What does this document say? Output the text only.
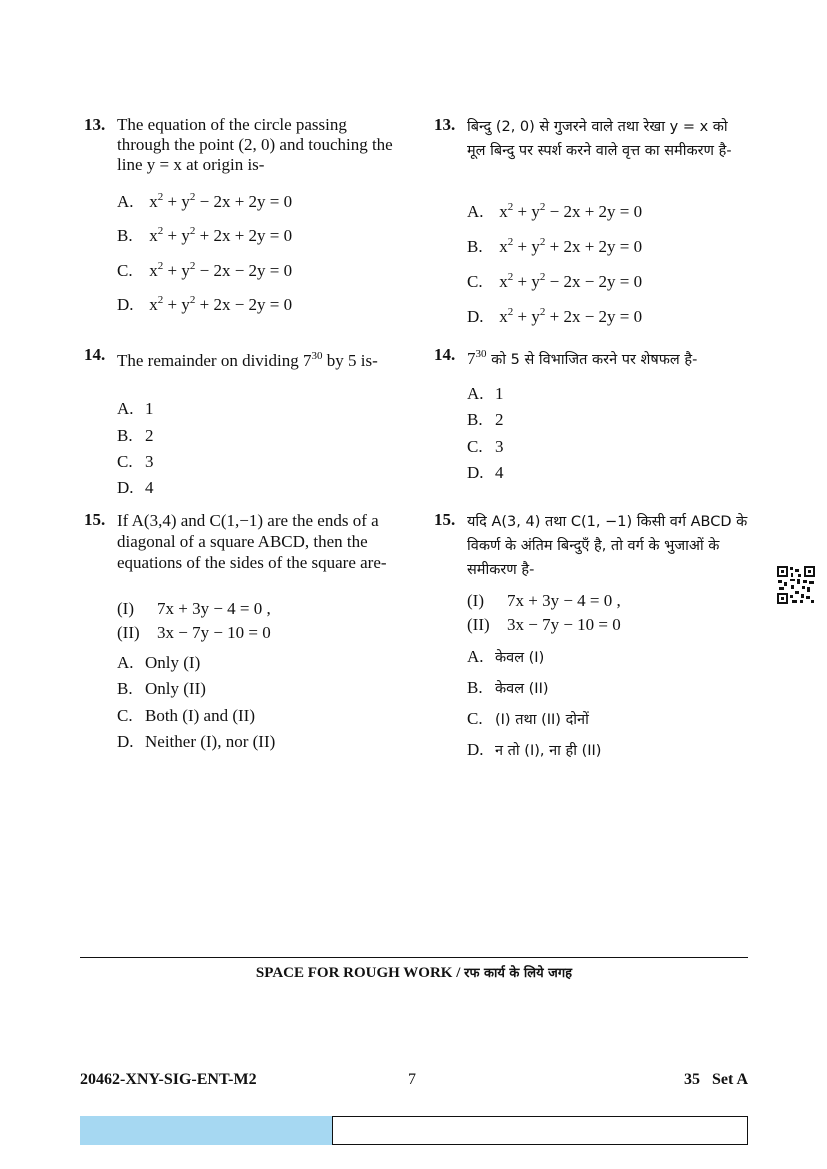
13. The equation of the circle passing through the point (2, 0) and touching the line y = x at origin is-
A. $x^2 + y^2 - 2x + 2y = 0$
B. $x^2 + y^2 + 2x + 2y = 0$
C. $x^2 + y^2 - 2x - 2y = 0$
D. $x^2 + y^2 + 2x - 2y = 0$
14. The remainder on dividing $7^{30}$ by 5 is-
A. 1
B. 2
C. 3
D. 4
15. If A(3,4) and C(1,−1) are the ends of a diagonal of a square ABCD, then the equations of the sides of the square are-
(I) 7x + 3y − 4 = 0 ,
(II) 3x − 7y − 10 = 0
A. Only (I)
B. Only (II)
C. Both (I) and (II)
D. Neither (I), nor (II)
13. बिन्दु (2, 0) से गुजरने वाले तथा रेखा y = x को मूल बिन्दु पर स्पर्श करने वाले वृत्त का समीकरण है-
A. $x^2 + y^2 - 2x + 2y = 0$
B. $x^2 + y^2 + 2x + 2y = 0$
C. $x^2 + y^2 - 2x - 2y = 0$
D. $x^2 + y^2 + 2x - 2y = 0$
14. $7^{30}$ को 5 से विभाजित करने पर शेषफल है-
A. 1
B. 2
C. 3
D. 4
15. यदि A(3, 4) तथा C(1, −1) किसी वर्ग ABCD के विकर्ण के अंतिम बिन्दुएँ है, तो वर्ग के भुजाओं के समीकरण है-
(I) 7x + 3y − 4 = 0 ,
(II) 3x − 7y − 10 = 0
A. केवल (I)
B. केवल (II)
C. (I) तथा (II) दोनों
D. न तो (I), ना ही (II)
SPACE FOR ROUGH WORK / रफ कार्य के लिये जगह
20462-XNY-SIG-ENT-M2	7	35   Set A
